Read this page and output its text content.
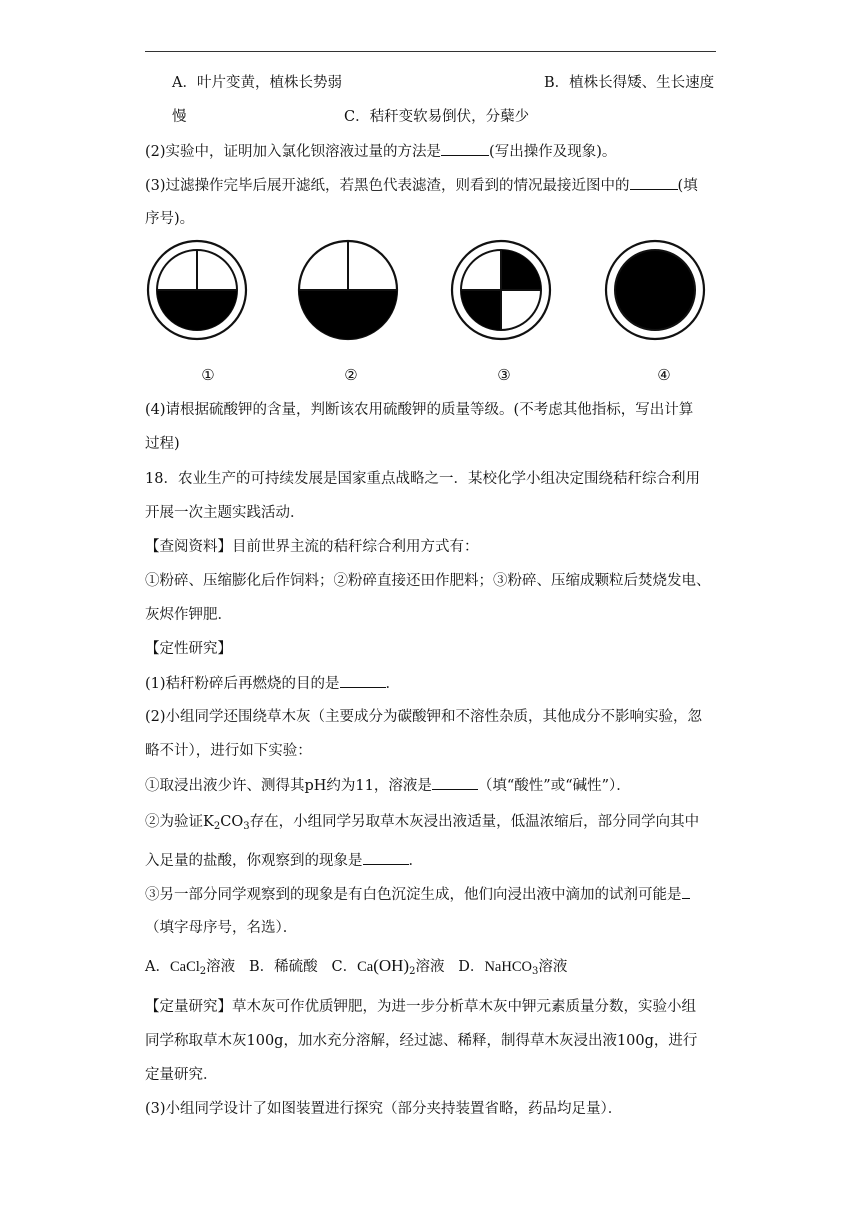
A．叶片变黄，植株长势弱	B．植株长得矮、生长速度
慢	C．秸秆变软易倒伏，分蘖少
(2)实验中，证明加入氯化钡溶液过量的方法是	(写出操作及现象)。
(3)过滤操作完毕后展开滤纸，若黑色代表滤渣，则看到的情况最接近图中的	(填
序号)。
①	②	③	④
(4)请根据硫酸钾的含量，判断该农用硫酸钾的质量等级。(不考虑其他指标，写出计算
过程)
18．农业生产的可持续发展是国家重点战略之一．某校化学小组决定围绕秸秆综合利用
开展一次主题实践活动．
【查阅资料】目前世界主流的秸秆综合利用方式有：
①粉碎、压缩膨化后作饲料；②粉碎直接还田作肥料；③粉碎、压缩成颗粒后焚烧发电、
灰烬作钾肥．
【定性研究】
(1)秸秆粉碎后再燃烧的目的是	．
(2)小组同学还围绕草木灰（主要成分为碳酸钾和不溶性杂质，其他成分不影响实验，忽
略不计），进行如下实验：
①取浸出液少许、测得其pH约为11，溶液是	（填“酸性”或“碱性”）．
②为验证$K_2CO_3$存在，小组同学另取草木灰浸出液适量，低温浓缩后，部分同学向其中
入足量的盐酸，你观察到的现象是	．
③另一部分同学观察到的现象是有白色沉淀生成，他们向浸出液中滴加的试剂可能是
（填字母序号，名选）．
A．CaCl$_2$溶液 B．稀硫酸 C．$Ca(OH)_2$溶液 D．NaHCO$_3$溶液
【定量研究】草木灰可作优质钾肥，为进一步分析草木灰中钾元素质量分数，实验小组
同学称取草木灰100g，加水充分溶解，经过滤、稀释，制得草木灰浸出液100g，进行
定量研究．
(3)小组同学设计了如图装置进行探究（部分夹持装置省略，药品均足量）．
